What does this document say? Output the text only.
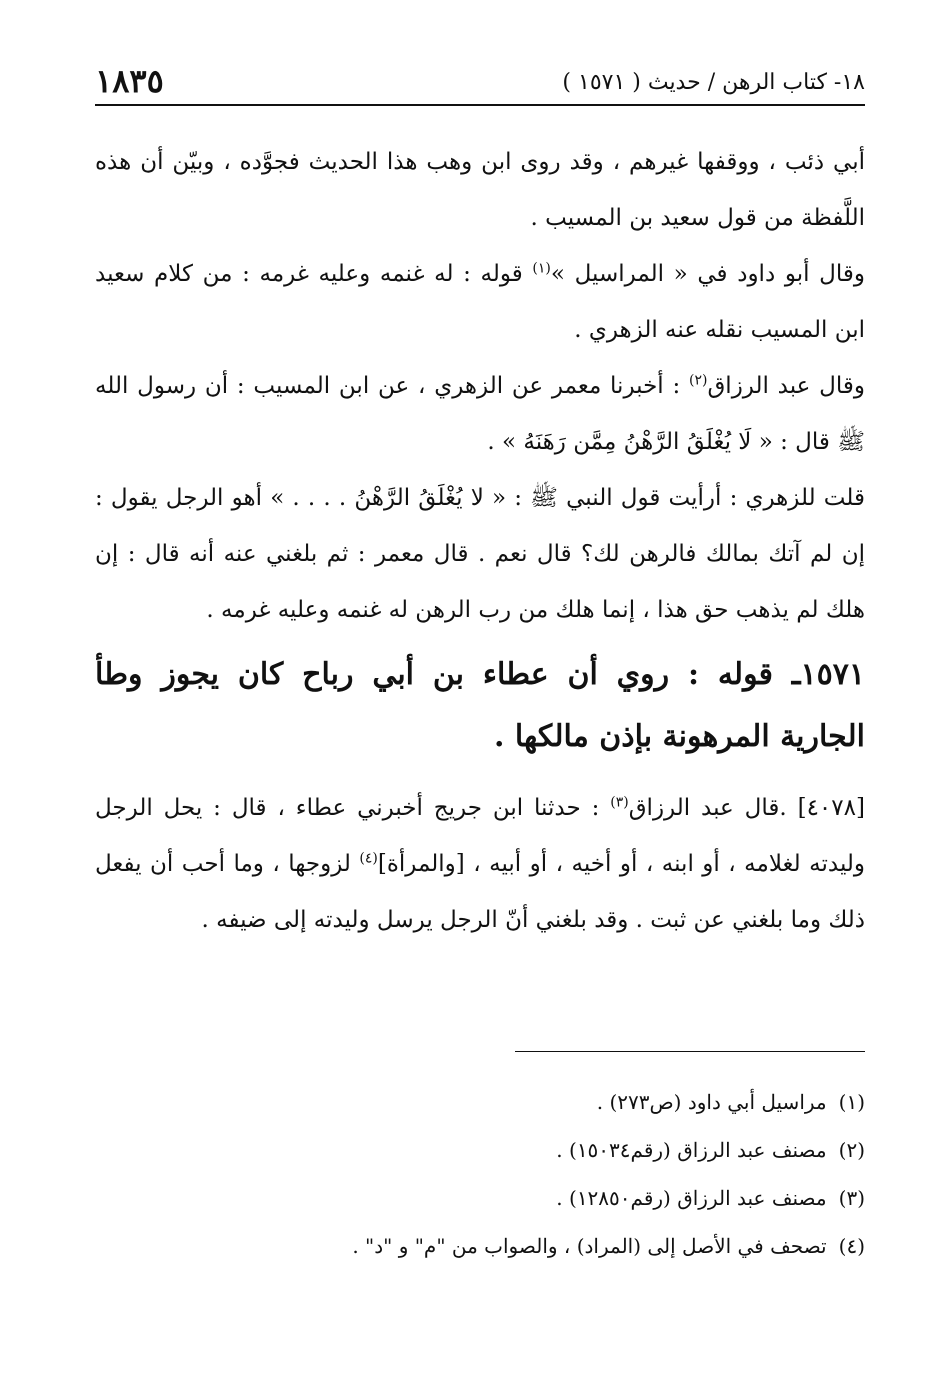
١٨- كتاب الرهن / حديث ( ١٥٧١ )
١٨٣٥

أبي ذئب ، ووقفها غيرهم ، وقد روى ابن وهب هذا الحديث فجوَّده ، وبيّن أن هذه اللَّفظة من قول سعيد بن المسيب .

وقال أبو داود في « المراسيل »$^{(١)}$ قوله : له غنمه وعليه غرمه : من كلام سعيد ابن المسيب نقله عنه الزهري .

وقال عبد الرزاق$^{(٢)}$ : أخبرنا معمر عن الزهري ، عن ابن المسيب : أن رسول الله ﷺ قال : « لَا يُغْلَقُ الرَّهْنُ مِمَّن رَهَنَهُ » .

قلت للزهري : أرأيت قول النبي ﷺ : « لا يُغْلَقُ الرَّهْنُ . . . . » أهو الرجل يقول : إن لم آتك بمالك فالرهن لك؟ قال نعم . قال معمر : ثم بلغني عنه أنه قال : إن هلك لم يذهب حق هذا ، إنما هلك من رب الرهن له غنمه وعليه غرمه .

١٥٧١ـ قوله : روي أن عطاء بن أبي رباح كان يجوز وطأ الجارية المرهونة بإذن مالكها .

[٤٠٧٨] .قال عبد الرزاق$^{(٣)}$ : حدثنا ابن جريج أخبرني عطاء ، قال : يحل الرجل وليدته لغلامه ، أو ابنه ، أو أخيه ، أو أبيه ، [والمرأة]$^{(٤)}$ لزوجها ، وما أحب أن يفعل ذلك وما بلغني عن ثبت . وقد بلغني أنّ الرجل يرسل وليدته إلى ضيفه .

(١)مراسيل أبي داود (ص٢٧٣) .

(٢)مصنف عبد الرزاق (رقم١٥٠٣٤) .

(٣)مصنف عبد الرزاق (رقم١٢٨٥٠) .

(٤)تصحف في الأصل إلى (المراد) ، والصواب من "م" و "د" .
